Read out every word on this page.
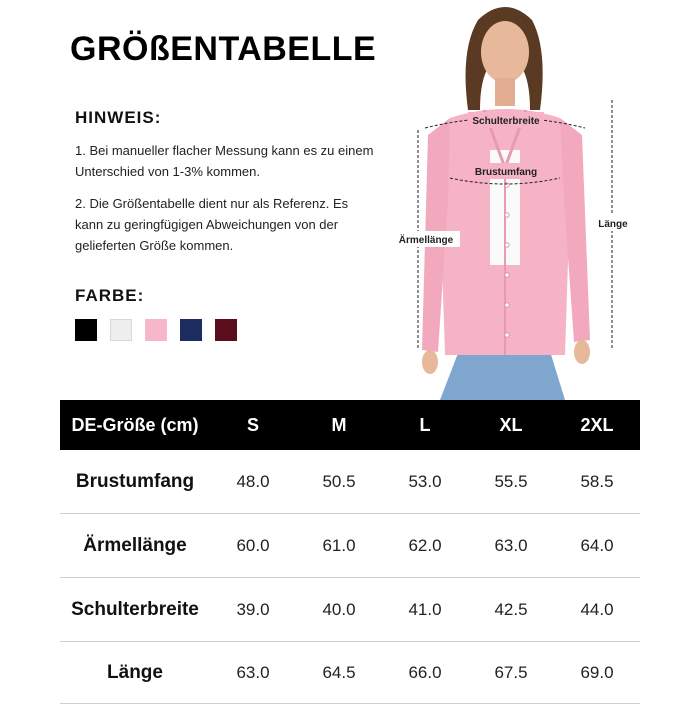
GRÖßENTABELLE
HINWEIS:
1. Bei manueller flacher Messung kann es zu einem Unterschied von 1-3% kommen.
2. Die Größentabelle dient nur als Referenz. Es kann zu geringfügigen Abweichungen von der gelieferten Größe kommen.
FARBE:
Schulterbreite
Brustumfang
Ärmellänge
Länge
DE-Größe (cm)	S	M	L	XL	2XL
Brustumfang	48.0	50.5	53.0	55.5	58.5
Ärmellänge	60.0	61.0	62.0	63.0	64.0
Schulterbreite	39.0	40.0	41.0	42.5	44.0
Länge	63.0	64.5	66.0	67.5	69.0
